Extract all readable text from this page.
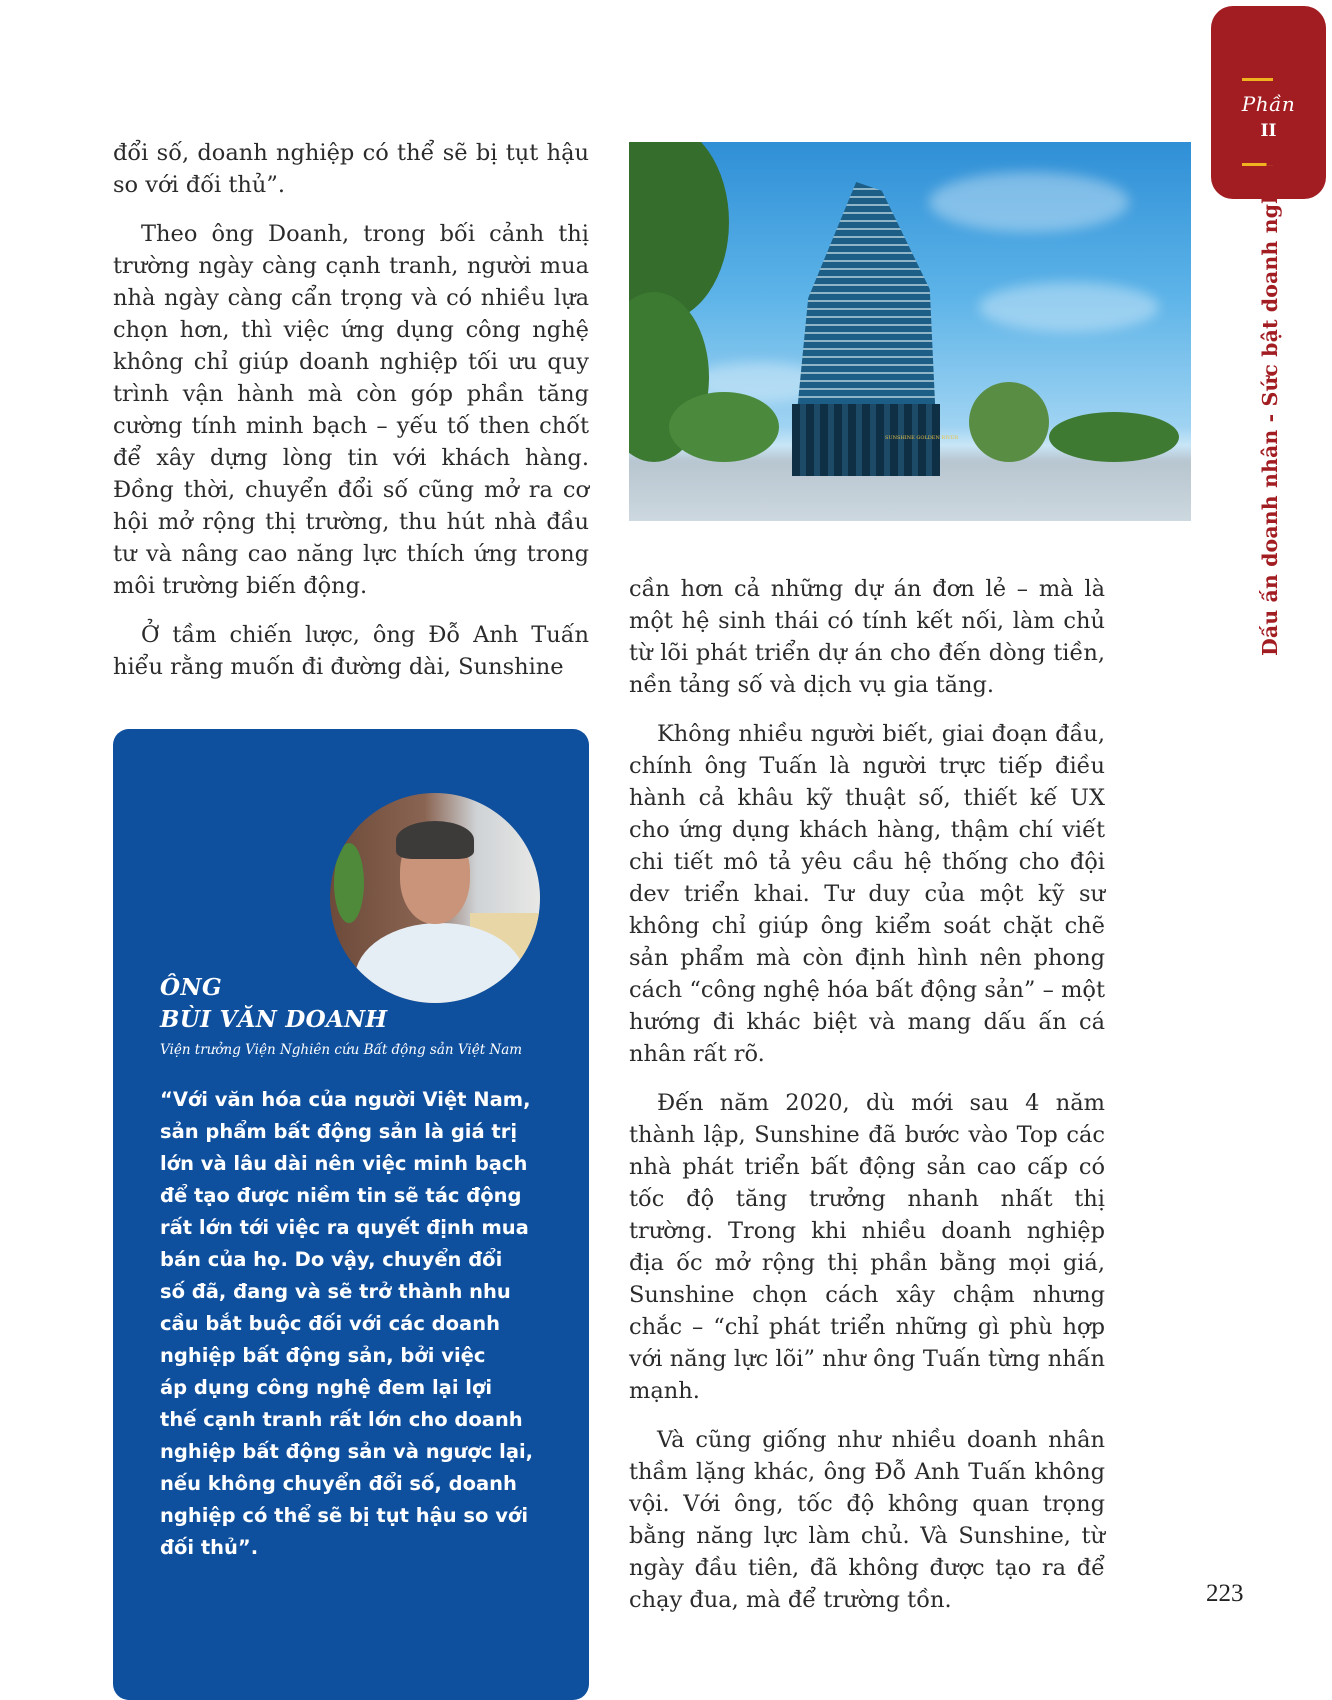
Phần
II
Dấu ấn doanh nhân - Sức bật doanh nghiệp

đổi số, doanh nghiệp có thể sẽ bị tụt hậu so với đối thủ”.

Theo ông Doanh, trong bối cảnh thị trường ngày càng cạnh tranh, người mua nhà ngày càng cẩn trọng và có nhiều lựa chọn hơn, thì việc ứng dụng công nghệ không chỉ giúp doanh nghiệp tối ưu quy trình vận hành mà còn góp phần tăng cường tính minh bạch – yếu tố then chốt để xây dựng lòng tin với khách hàng. Đồng thời, chuyển đổi số cũng mở ra cơ hội mở rộng thị trường, thu hút nhà đầu tư và nâng cao năng lực thích ứng trong môi trường biến động.

Ở tầm chiến lược, ông Đỗ Anh Tuấn hiểu rằng muốn đi đường dài, Sunshine

SUNSHINE GOLDEN RIVER

cần hơn cả những dự án đơn lẻ – mà là một hệ sinh thái có tính kết nối, làm chủ từ lõi phát triển dự án cho đến dòng tiền, nền tảng số và dịch vụ gia tăng.

Không nhiều người biết, giai đoạn đầu, chính ông Tuấn là người trực tiếp điều hành cả khâu kỹ thuật số, thiết kế UX cho ứng dụng khách hàng, thậm chí viết chi tiết mô tả yêu cầu hệ thống cho đội dev triển khai. Tư duy của một kỹ sư không chỉ giúp ông kiểm soát chặt chẽ sản phẩm mà còn định hình nên phong cách “công nghệ hóa bất động sản” – một hướng đi khác biệt và mang dấu ấn cá nhân rất rõ.

Đến năm 2020, dù mới sau 4 năm thành lập, Sunshine đã bước vào Top các nhà phát triển bất động sản cao cấp có tốc độ tăng trưởng nhanh nhất thị trường. Trong khi nhiều doanh nghiệp địa ốc mở rộng thị phần bằng mọi giá, Sunshine chọn cách xây chậm nhưng chắc – “chỉ phát triển những gì phù hợp với năng lực lõi” như ông Tuấn từng nhấn mạnh.

Và cũng giống như nhiều doanh nhân thầm lặng khác, ông Đỗ Anh Tuấn không vội. Với ông, tốc độ không quan trọng bằng năng lực làm chủ. Và Sunshine, từ ngày đầu tiên, đã không được tạo ra để chạy đua, mà để trường tồn.

ÔNG
BÙI VĂN DOANH
Viện trưởng Viện Nghiên cứu Bất động sản Việt Nam
“Với văn hóa của người Việt Nam,
sản phẩm bất động sản là giá trị
lớn và lâu dài nên việc minh bạch
để tạo được niềm tin sẽ tác động
rất lớn tới việc ra quyết định mua
bán của họ. Do vậy, chuyển đổi
số đã, đang và sẽ trở thành nhu
cầu bắt buộc đối với các doanh
nghiệp bất động sản, bởi việc
áp dụng công nghệ đem lại lợi
thế cạnh tranh rất lớn cho doanh
nghiệp bất động sản và ngược lại,
nếu không chuyển đổi số, doanh
nghiệp có thể sẽ bị tụt hậu so với
đối thủ”.
223
